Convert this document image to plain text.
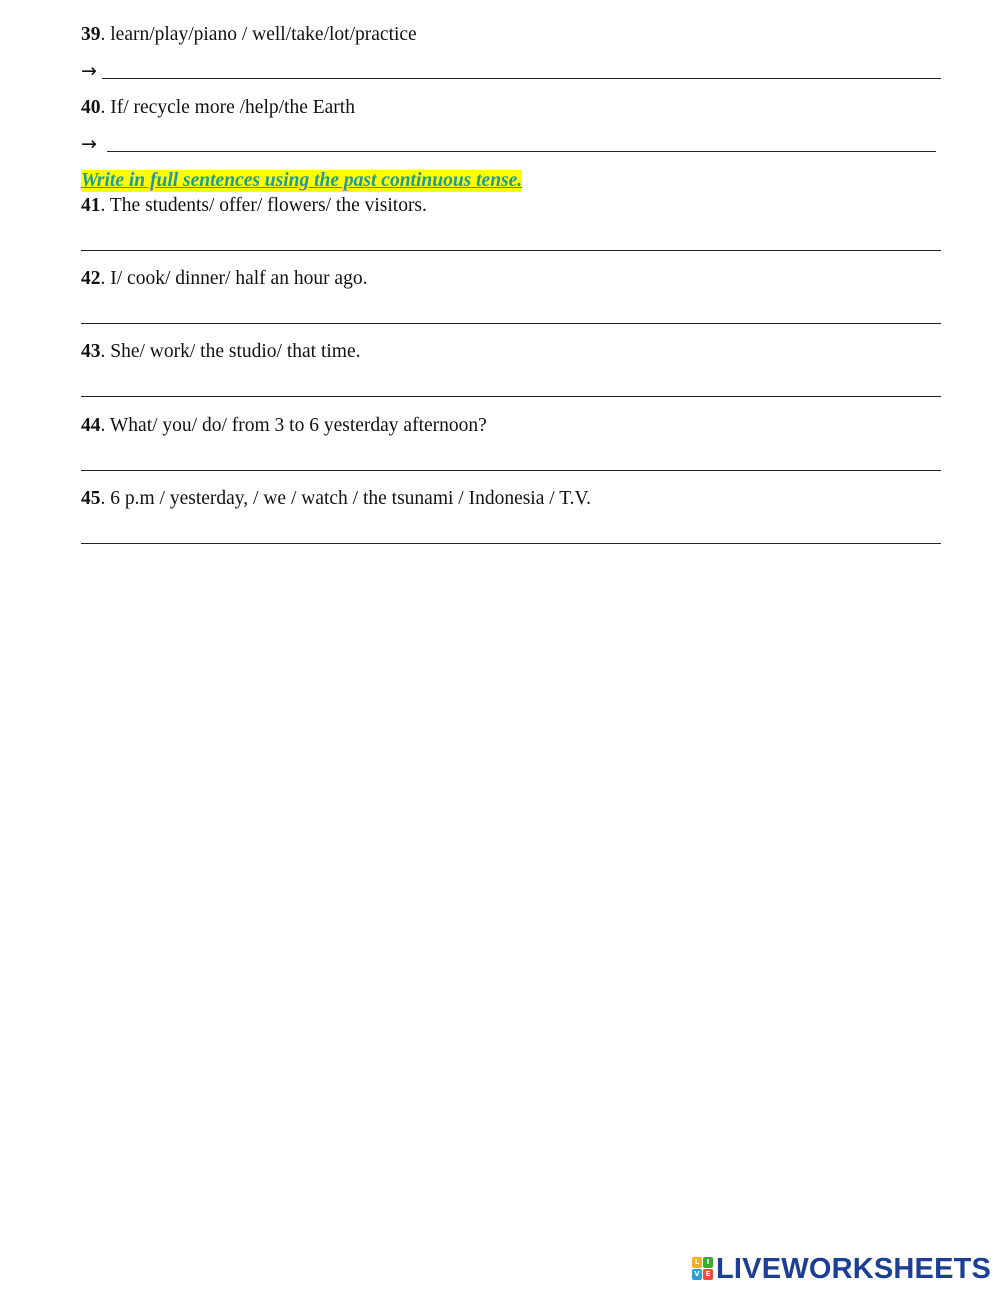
39. learn/play/piano / well/take/lot/practice
→
40. If/ recycle more /help/the Earth
→
Write in full sentences using the past continuous tense.
41. The students/ offer/ flowers/ the visitors.
42. I/ cook/ dinner/ half an hour ago.
43. She/ work/ the studio/ that time.
44. What/ you/ do/ from 3 to 6 yesterday afternoon?
45. 6 p.m / yesterday, / we / watch / the tsunami / Indonesia / T.V.
L	I
V E LIVEWORKSHEETS
